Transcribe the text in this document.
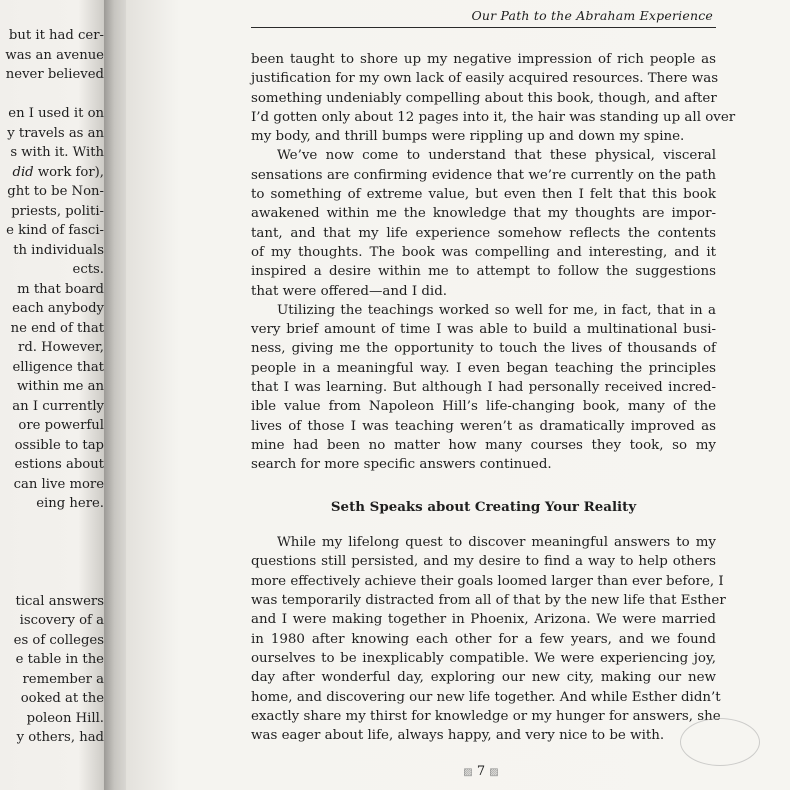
but it had cer-
was an avenue
never believed
en I used it on
y travels as an
s with it. With
did work for),
ght to be Non-
priests, politi-
e kind of fasci-
th individuals
ects.
m that board
each anybody
ne end of that
rd. However,
elligence that
within me an
an I currently
ore powerful
ossible to tap
estions about
can live more
eing here.
tical answers
iscovery of a
es of colleges
e table in the
remember a
ooked at the
poleon Hill.
y others, had
Our Path to the Abraham Experience
been taught to shore up my negative impression of rich people as
justification for my own lack of easily acquired resources. There was
something undeniably compelling about this book, though, and after
I’d gotten only about 12 pages into it, the hair was standing up all over
my body, and thrill bumps were rippling up and down my spine.
We’ve now come to understand that these physical, visceral
sensations are confirming evidence that we’re currently on the path
to something of extreme value, but even then I felt that this book
awakened within me the knowledge that my thoughts are impor-
tant, and that my life experience somehow reflects the contents
of my thoughts. The book was compelling and interesting, and it
inspired a desire within me to attempt to follow the suggestions
that were offered—and I did.
Utilizing the teachings worked so well for me, in fact, that in a
very brief amount of time I was able to build a multinational busi-
ness, giving me the opportunity to touch the lives of thousands of
people in a meaningful way. I even began teaching the principles
that I was learning. But although I had personally received incred-
ible value from Napoleon Hill’s life-changing book, many of the
lives of those I was teaching weren’t as dramatically improved as
mine had been no matter how many courses they took, so my
search for more specific answers continued.
Seth Speaks about Creating Your Reality
While my lifelong quest to discover meaningful answers to my
questions still persisted, and my desire to find a way to help others
more effectively achieve their goals loomed larger than ever before, I
was temporarily distracted from all of that by the new life that Esther
and I were making together in Phoenix, Arizona. We were married
in 1980 after knowing each other for a few years, and we found
ourselves to be inexplicably compatible. We were experiencing joy,
day after wonderful day, exploring our new city, making our new
home, and discovering our new life together. And while Esther didn’t
exactly share my thirst for knowledge or my hunger for answers, she
was eager about life, always happy, and very nice to be with.
▨ 7 ▨
